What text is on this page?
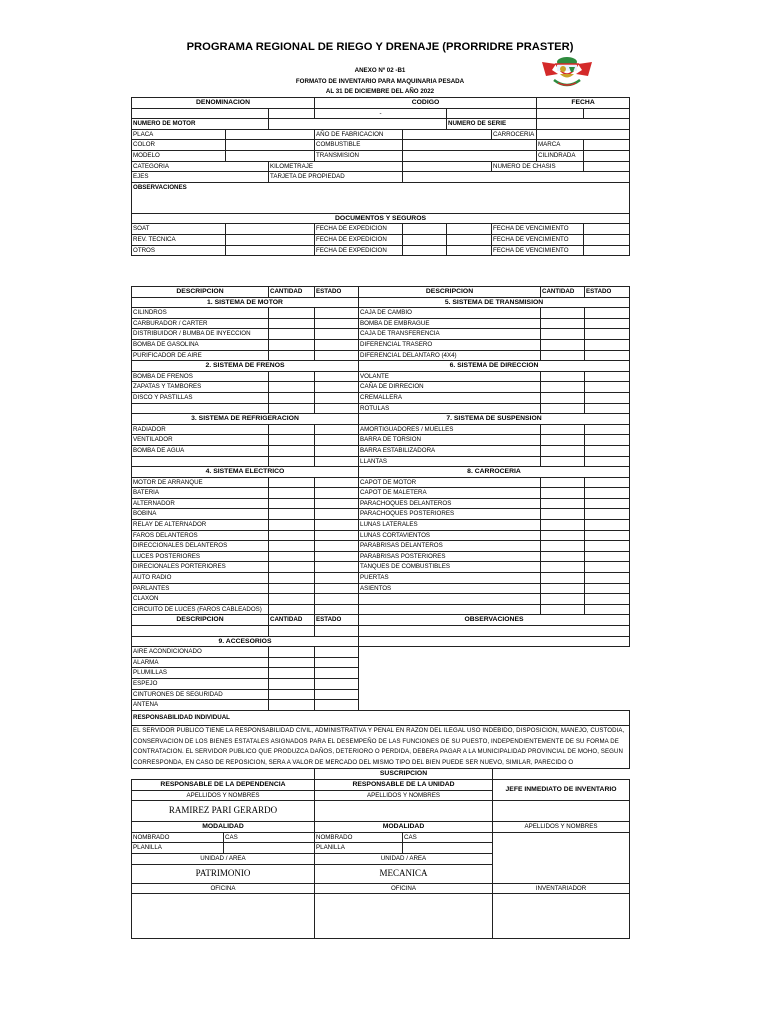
PROGRAMA REGIONAL DE RIEGO Y DRENAJE (PRORRIDRE PRASTER)
ANEXO Nº 02 -B1
FORMATO DE INVENTARIO PARA MAQUINARIA PESADA
AL 31 DE DICIEMBRE DEL AÑO 2022
DENOMINACION			CODIGO				FECHA	
			-					
NUMERO DE MOTOR					NUMERO DE SERIE			
PLACA			AÑO DE FABRICACION			CARROCERIA		
COLOR			COMBUSTIBLE				MARCA	
MODELO			TRANSMISION				CILINDRADA	
CATEGORIA		KILOMETRAJE				NUMERO DE CHASIS		
EJES		TARJETA DE PROPIEDAD						
OBSERVACIONES								
DOCUMENTOS Y SEGUROS								
SOAT			FECHA DE EXPEDICION			FECHA DE VENCIMIENTO		
REV. TECNICA			FECHA DE EXPEDICION			FECHA DE VENCIMIENTO		
OTROS			FECHA DE EXPEDICION			FECHA DE VENCIMIENTO		
DESCRIPCION	CANTIDAD	ESTADO	DESCRIPCION	CANTIDAD	ESTADO
1. SISTEMA DE MOTOR			5. SISTEMA DE TRANSMISION		
CILINDROS			CAJA DE CAMBIO		
CARBURADOR / CARTER			BOMBA DE EMBRAGUE		
DISTRIBUIDOR / BUMBA DE INYECCION			CAJA DE TRANSFERENCIA		
BOMBA DE GASOLINA			DIFERENCIAL TRASERO		
PURIFICADOR DE AIRE			DIFERENCIAL DELANTARO (4X4)		
2. SISTEMA DE FRENOS			6. SISTEMA DE DIRECCION		
BOMBA DE FRENOS			VOLANTE		
ZAPATAS Y TAMBORES			CAÑA DE DIRRECION		
DISCO Y PASTILLAS			CREMALLERA		
			ROTULAS		
3. SISTEMA DE REFRIGERACION			7. SISTEMA DE SUSPENSION		
RADIADOR			AMORTIGUADORES / MUELLES		
VENTILADOR			BARRA DE TORSION		
BOMBA DE AGUA			BARRA ESTABILIZADORA		
			LLANTAS		
4. SISTEMA ELECTRICO			8. CARROCERIA		
MOTOR DE ARRANQUE			CAPOT DE MOTOR		
BATERIA			CAPOT DE MALETERA		
ALTERNADOR			PARACHOQUES DELANTEROS		
BOBINA			PARACHOQUES POSTERIORES		
RELAY DE ALTERNADOR			LUNAS LATERALES		
FAROS DELANTEROS			LUNAS CORTAVIENTOS		
DIRECCIONALES DELANTEROS			PARABRISAS DELANTEROS		
LUCES POSTERIORES			PARABRISAS POSTERIORES		
DIRECIONALES PORTERIORES			TANQUES DE COMBUSTIBLES		
AUTO RADIO			PUERTAS		
PARLANTES			ASIENTOS		
CLAXON					
CIRCUITO DE LUCES (FAROS CABLEADOS)					
DESCRIPCION	CANTIDAD	ESTADO	OBSERVACIONES		

9. ACCESORIOS					
AIRE ACONDICIONADO					
ALARMA					
PLUMILLAS					
ESPEJO					
CINTURONES DE SEGURIDAD					
ANTENA					
RESPONSABILIDAD INDIVIDUAL				
EL SERVIDOR PUBLICO TIENE LA RESPONSABILIDAD CIVIL, ADMINISTRATIVA Y PENAL EN RAZON DEL ILEGAL USO INDEBIDO, DISPOSICION, MANEJO, CUSTODIA, CONSERVACION DE LOS BIENES ESTATALES ASIGNADOS PARA EL DESEMPEÑO DE LAS FUNCIONES DE SU PUESTO, INDEPENDIENTEMENTE DE SU FORMA DE CONTRATACION. EL SERVIDOR PUBLICO QUE PRODUZCA DAÑOS, DETERIORO O PERDIDA, DEBERA PAGAR A LA MUNICIPALIDAD PROVINCIAL DE MOHO, SEGUN CORRESPONDA, EN CASO DE REPOSICION, SERA A VALOR DE MERCADO DEL MISMO TIPO DEL BIEN PUEDE SER NUEVO, SIMILAR, PARECIDO O				
		SUSCRIPCION		
RESPONSABLE DE LA DEPENDENCIA		RESPONSABLE DE LA UNIDAD		JEFE INMEDIATO DE INVENTARIO
APELLIDOS Y NOMBRES		APELLIDOS Y NOMBRES		
RAMIREZ PARI GERARDO				
MODALIDAD		MODALIDAD		APELLIDOS Y NOMBRES
NOMBRADO	CAS	NOMBRADO	CAS	
PLANILLA		PLANILLA		
UNIDAD / AREA		UNIDAD / AREA		
PATRIMONIO		MECANICA		
OFICINA		OFICINA		INVENTARIADOR
